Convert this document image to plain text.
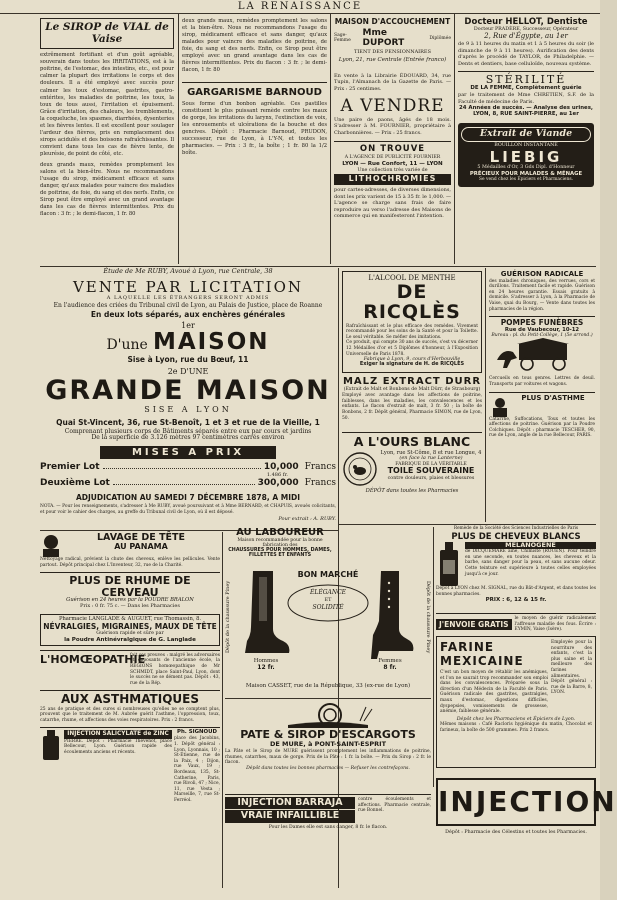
LA RENAISSANCE
Le SIROP de VIAL de Vaise
extrêmement fortifiant et d'un goût agréable, souverain dans toutes les IRRITATIONS, est à la poitrine, de l'estomac, des intestins, etc., est pour calmer la plupart des irritations le corps et des douleurs. Il a été employé avec succès pour calmer les toux d'estomac, gastrites, gastro-entérites, les maladies de poitrine, les toux, la toux de tous aussi, l'irritation et épuisement. Grâce d'irritation, des chaleurs, les tremblements, la coqueluche, les spasmes, diarrhées, dysenteries et les fièvres lentes. Il est excellent pour soulager l'ardeur des fièvres, pris en remplacement des sirops acidulés et des boissons rafraîchissantes. Il convient dans tous les cas de fièvre lente, de pleurésie, de point de côté, etc.
deux grands maux, remèdes promptement les salons et la bien-être. Nous ne recommandons l'usage du sirop, médicament efficace et sans danger, qu'aux malades pour vaincre des maladies de poitrine, de foie, du sang et des nerfs. Enfin, ce Sirop peut être employé avec un grand avantage dans les cas de fièvres intermittentes. Prix du flacon : 3 fr. ; le demi-flacon, 1 fr. 80
deux grands maux, remèdes promptement les salons et la bien-être. Nous ne recommandons l'usage du sirop, médicament efficace et sans danger, qu'aux malades pour vaincre des maladies de poitrine, de foie, du sang et des nerfs. Enfin, ce Sirop peut être employé avec un grand avantage dans les cas de fièvres intermittentes. Prix du flacon : 3 fr. ; le demi-flacon, 1 fr. 80
GARGARISME BARNOUD
Sous forme d'un bonbon agréable. Ces pastilles constituent le plus puissant remède contre les maux de gorge, les irritations du larynx, l'extinction de voix, les enrouements et ulcérations de la bouche et des gencives. Dépôt : Pharmacie Barnoud, PRUDON, successeur, rue de Lyon, à L'Y-N, et toutes les pharmacies. — Prix : 3 fr., la boîte ; 1 fr. 80 la 1/2 boîte.
MAISON D'ACCOUCHEMENT
Sage-Femme
Mme DUPORT	Diplômée
TIENT DES PENSIONNAIRES
Lyon, 21, rue Centrale (Entrée franco)
En vente à la Librairie ÉDOUARD, 34, rue Tupin, l'Almanach de la Gazette de Paris. — Prix : 25 centimes.
A VENDRE
Une paire de paons, âgés de 18 mois. S'adresser à M. FOURNIER, propriétaire à Charbonnières. — Prix : 25 francs.
ON TROUVE
A L'AGENCE DE PUBLICITÉ FOURNIER
LYON — Rue Confort, 11 — LYON
Une collection très variée de
LITHOCHROMIES
pour cartes-adresses, de diverses dimensions, dont les prix varient de 15 à 35 fr. le 1,000. — L'agence se charge sans frais de faire reproduire au verso l'adresse des Maisons de commerce qui en manifesteront l'intention.
Docteur HELLOT, Dentiste
Docteur PRADÈRE, Successeur, Opérateur
2, Rue d'Égypte, au 1er
de 9 à 11 heures du matin et 1 à 5 heures du soir (le dimanche de 9 à 11 heures). Aurification des dents d'après le procédé de TAYLOR, de Philadelphie. — Dents et dentiers, base celluloïde, nouveau système.
STÉRILITÉ
DE LA FEMME, Complètement guérie
par le traitement de Mme CHRETIEN, S.F. de la Faculté de médecine de Paris.
24 Années de succès. — Analyse des urines,
LYON, 8, RUE SAINT-PIERRE, au 1er
Extrait de Viande
BOUILLON INSTANTANÉ
LIEBIG
5 Médailles d'Or, 3 Gds Dipl. d'Honneur
PRÉCIEUX POUR MALADES & MÉNAGE
Se vend chez les Épiciers et Pharmaciens.
Étude de Me RUBY, Avoué à Lyon, rue Centrale, 38
VENTE PAR LICITATION
A LAQUELLE LES ÉTRANGERS SERONT ADMIS
En l'audience des criées du Tribunal civil de Lyon, au Palais de Justice, place de Roanne
En deux lots séparés, aux enchères générales
1er
D'une MAISON
Sise à Lyon, rue du Bœuf, 11
2e D'UNE
GRANDE MAISON
SISE A LYON
Quai St-Vincent, 36, rue St-Benoît, 1 et 3 et rue de la Vieille, 1
Comprenant plusieurs corps de Bâtiments séparés entre eux par cours et jardins
De la superficie de 3.126 mètres 97 centimètres carrés environ
MISES A PRIX
Premier Lot	10,000 Francs
1.486 fr.
Deuxième Lot	300,000 Francs
ADJUDICATION AU SAMEDI 7 DÉCEMBRE 1878, A MIDI
NOTA. — Pour les renseignements, s'adresser à Me RUBY, avoué poursuivant et à Mme BERNARD, et CHAPUIS, avoués colicitants, et pour voir le cahier des charges, au greffe du Tribunal civil de Lyon, où il est déposé.
Pour extrait : A. RUBY.
L'ALCOOL DE MENTHE
DE RICQLÈS
Rafraîchissant et le plus efficace des remèdes. Vivement recommandé pour les soins de la Santé et pour la Toilette. Le seul véritable. Se méfier des imitations.
Ce produit, qui compte 30 ans de succès, s'est vu décerner 12 Médailles d'or et 5 Diplômes d'honneur, à l'Exposition Universelle de Paris 1878.
Fabrique à Lyon, 9, cours d'Herbouville
Exiger la signature de H. de RICQLÈS
MALZ EXTRACT DURR
(Extrait de Malt et Bonbons de Malt Dürr, de Strasbourg)
Employé avec avantage dans les affections de poitrine, faiblesses, dans les maladies, les convalescences et les enfants. Le flacon d'extrait de malt, 3 fr. 50 ; la boîte de Bonbons, 2 fr. Dépôt général, Pharmacie SIMON, rue de Lyon, 50.
A L'OURS BLANC
Lyon, rue St-Côme, 8 et rue Longue, 4
(en face la rue Lanterne)
FABRIQUE DE LA VÉRITABLE
TOILE SOUVERAINE
contre douleurs, plaies et blessures
DÉPÔT dans toutes les Pharmacies
GUÉRISON RADICALE
des maladies chroniques, des verrues, cors et durillons. Traitement facile et rapide. Guérison en 24 heures garantie. Essais gratuits à domicile. S'adresser à Lyon, à la Pharmacie de Vaise, quai du Bourg, — Vente dans toutes les pharmacies de la région.
POMPES FUNÈBRES
Rue de Vaubecour, 10-12
Bureau : pl. du Petit-Collège, 1 (5e arrond.)
Cercueils en tous genres. Lettres de deuil. Transports par voitures et wagons.
PLUS D'ASTHME
Catarrhe, Suffocations, Toux et toutes les affections de poitrine. Guérison par la Poudre Colchiques. Dépôt : pharmacie TESCHER, 90, rue de Lyon, angle de la rue Bellecour, PARIS.
LAVAGE DE TÊTE
AU PANAMA
Nettoyage radical, prévient la chute des cheveux, enlève les pellicules. Vente partout. Dépôt principal chez L'Inventeur, 32, rue de la Charité.
PLUS DE RHUME DE CERVEAU
Guérison en 24 heures par la POUDRE BRALON
Prix : 0 fr. 75 c. — Dans les Pharmacies
Pharmacie LANGLADE & AUGUET, rue Thomassin, 8.
NÉVRALGIES, MIGRAINES, MAUX DE TÊTE
Guérison rapide et sûre par
la Poudre Antinévralgique de G. Langlade
L'HOMŒOPATHIE
fait ses preuves : malgré les adversaires et opposants de l'ancienne école, la RÉGIONS homœopathique de Mr SCHMIDT, place Saint-Paul, Lyon, dont le succès ne se dément pas. Dépôt : 43, rue de la Rép.
AUX ASTHMATIQUES
25 ans de pratique et des cures si nombreuses qu'elles ne se comptent plus, prouvent que le traitement de M. Aubrée guérit l'asthme, l'oppression, toux, catarrhe, rhume, et affections des voies respiratoires. Prix : 2 francs.
INJECTION SALICYLATE de ZINC
PIERRE. Dépôt : Pharmacie Thévenot, place Bellecour, Lyon. Guérison rapide des écoulements anciens et récents.
Ph. SIGNOUD
place des Jacobins, 1. Dépôt général : Lyon, Lyonnais, 10 ; St-Étienne, rue de la Paix, 4 ; Dijon, rue Vaux, 19 ; Bordeaux, 135, St-Catherine, Paris, rue Rivoli, 47 ; Nice, 11, rue Vesta ; Marseille, 7, rue St-Ferréol.
AU LABOUREUR
Maison recommandée pour la bonne fabrication des
CHAUSSURES POUR HOMMES, DAMES, FILLETTES ET ENFANTS
Dépôt de la chaussure Piney	Dépôt de la chaussure Piney
BON MARCHÉ
ÉLÉGANCE
ET
SOLIDITÉ
Hommes
12 fr.
Femmes
8 fr.
Maison CASSET, rue de la République, 33 (ex-rue de Lyon)
PATE & SIROP D'ESCARGOTS
DE MURE, à PONT-SAINT-ESPRIT
La Pâte et le Sirop de MURE guérissent promptement les inflammations de poitrine, rhumes, catarrhes, maux de gorge. Prix de la Pâte : 1 fr. la boîte. — Prix du Sirop : 2 fr. le flacon.
Dépôt dans toutes les bonnes pharmacies — Refuser les contrefaçons.
INJECTION BARRAJA
VRAIE INFAILLIBLE
contre écoulements et affections. Pharmacie centrale, rue Bonnel.
Pour les Dames elle est sans danger, 8 fr. le flacon.
Remède de la Société des Sciences Industrielles de Paris
PLUS DE CHEVEUX BLANCS
MÉLANOGÈNE
de DICQUEMARE aîné, Chimiste (ROUEN). Pour teindre en une seconde, en toutes nuances, les cheveux et la barbe, sans danger pour la peau, et sans aucune odeur. Cette teinture est supérieure à toutes celles employées jusqu'à ce jour.
Dépôt à LYON chez M. SIGNAL, rue du Bât-d'Argent, et dans toutes les bonnes pharmacies.
PRIX : 6, 12 & 15 fr.
J'ENVOIE GRATIS
le moyen de guérir radicalement l'affreuse maladie des fous. Écrire : EYMIN, Vaise (Isère).
FARINE MEXICAINE
C'est un bon moyen de rétablir les anémiques, et l'on ne saurait trop recommander son emploi dans les convalescences. Préparée sous la direction d'un Médecin de la Faculté de Paris. Guérison radicale des gastrites, gastralgies, maux d'estomac, digestions difficiles, dyspepsies, vomissements de grossesse, anémie, faiblesse générale.
Employée pour la nourriture des enfants, c'est la plus saine et la meilleure des farines alimentaires. Dépôt général : rue de la Barre, 8, LYON.
Dépôt chez les Pharmaciens et Épiciers de Lyon.
Mêmes maisons : Café Racloris hygiénique du matin, Chocolat et farineux, la boîte de 500 grammes. Prix 2 francs.
INJECTION
Dépôt : Pharmacie des Célestins et toutes les Pharmacies.
